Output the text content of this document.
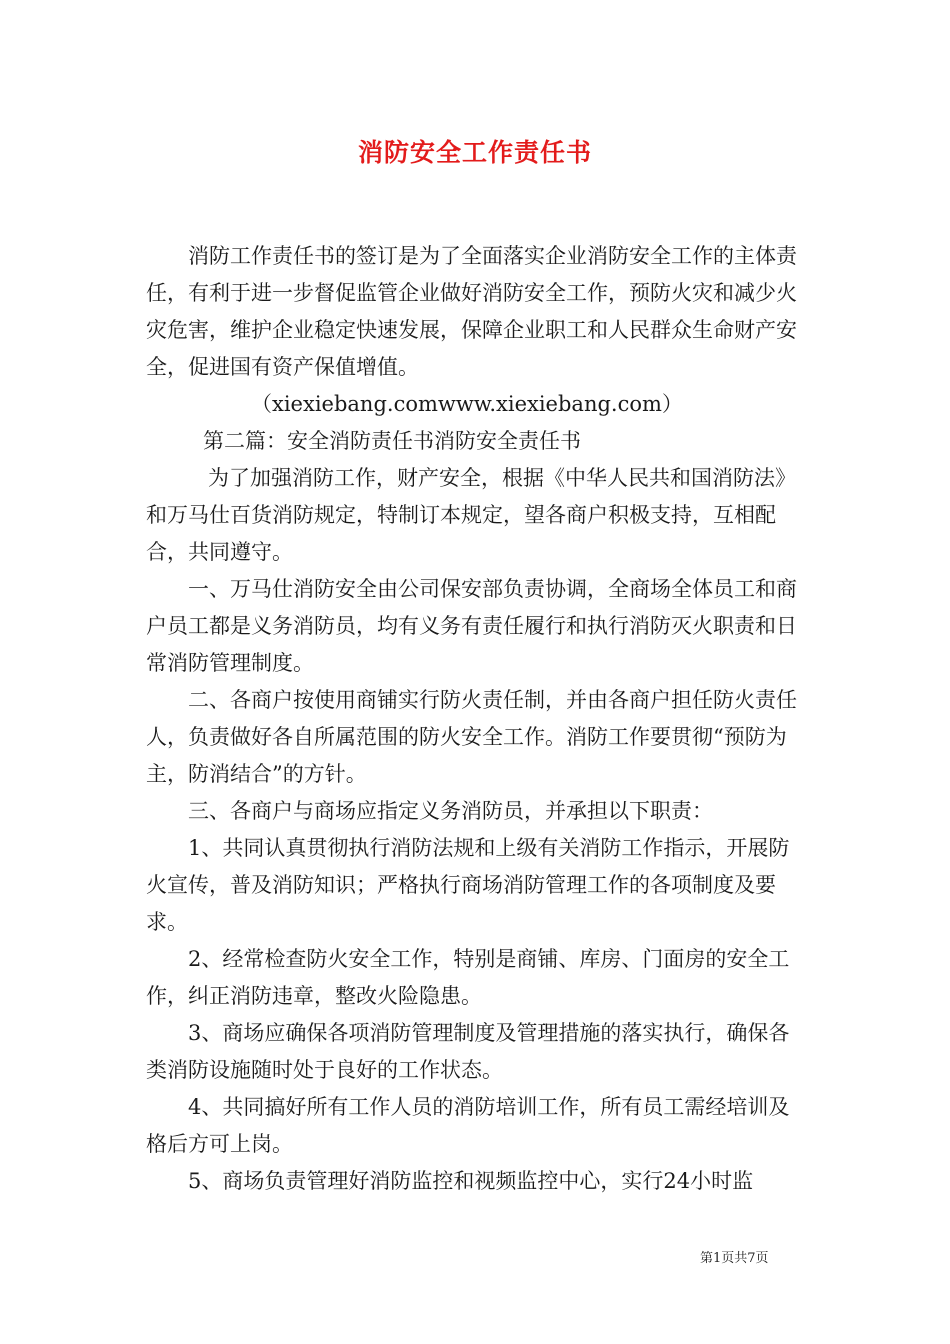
消防安全工作责任书

消防工作责任书的签订是为了全面落实企业消防安全工作的主体责任，有利于进一步督促监管企业做好消防安全工作，预防火灾和减少火灾危害，维护企业稳定快速发展，保障企业职工和人民群众生命财产安全，促进国有资产保值增值。

（xiexiebang.comwww.xiexiebang.com）

第二篇：安全消防责任书消防安全责任书

为了加强消防工作，财产安全，根据《中华人民共和国消防法》和万马仕百货消防规定，特制订本规定，望各商户积极支持，互相配合，共同遵守。

一、万马仕消防安全由公司保安部负责协调，全商场全体员工和商户员工都是义务消防员，均有义务有责任履行和执行消防灭火职责和日常消防管理制度。

二、各商户按使用商铺实行防火责任制，并由各商户担任防火责任人，负责做好各自所属范围的防火安全工作。消防工作要贯彻“预防为主，防消结合”的方针。

三、各商户与商场应指定义务消防员，并承担以下职责：

1、共同认真贯彻执行消防法规和上级有关消防工作指示，开展防火宣传，普及消防知识；严格执行商场消防管理工作的各项制度及要求。

2、经常检查防火安全工作，特别是商铺、库房、门面房的安全工作，纠正消防违章，整改火险隐患。

3、商场应确保各项消防管理制度及管理措施的落实执行，确保各类消防设施随时处于良好的工作状态。

4、共同搞好所有工作人员的消防培训工作，所有员工需经培训及格后方可上岗。

5、商场负责管理好消防监控和视频监控中心，实行24小时监

第1页共7页
